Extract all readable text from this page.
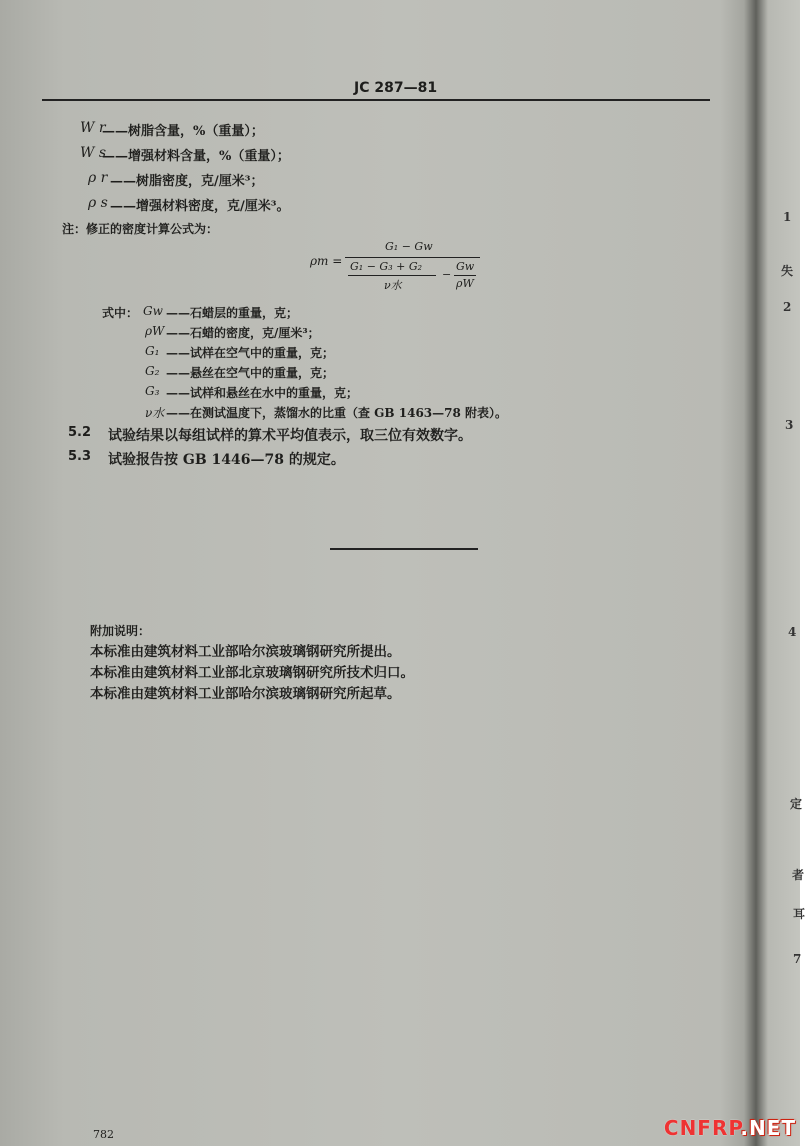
JC 287—81
W r
——树脂含量，%（重量）；
W s
——增强材料含量，%（重量）；
ρ r ——树脂密度，克/厘米³；
ρ s ——增强材料密度，克/厘米³。
注：修正的密度计算公式为：
ρm =
G₁ − Gw
G₁ − G₃ + G₂
ν水
−
Gw
ρW
式中： Gw ——石蜡层的重量，克；
ρW ——石蜡的密度，克/厘米³；
G₁ ——试样在空气中的重量，克；
G₂ ——悬丝在空气中的重量，克；
G₃ ——试样和悬丝在水中的重量，克；
ν水 ——在测试温度下，蒸馏水的比重（查 GB 1463—78 附表）。
5.2 试验结果以每组试样的算术平均值表示，取三位有效数字。
5.3 试验报告按 GB 1446—78 的规定。
附加说明：
本标准由建筑材料工业部哈尔滨玻璃钢研究所提出。
本标准由建筑材料工业部北京玻璃钢研究所技术归口。
本标准由建筑材料工业部哈尔滨玻璃钢研究所起草。
782
1
失
2
3
4
定
者
耳
7
CNFRP.NET
